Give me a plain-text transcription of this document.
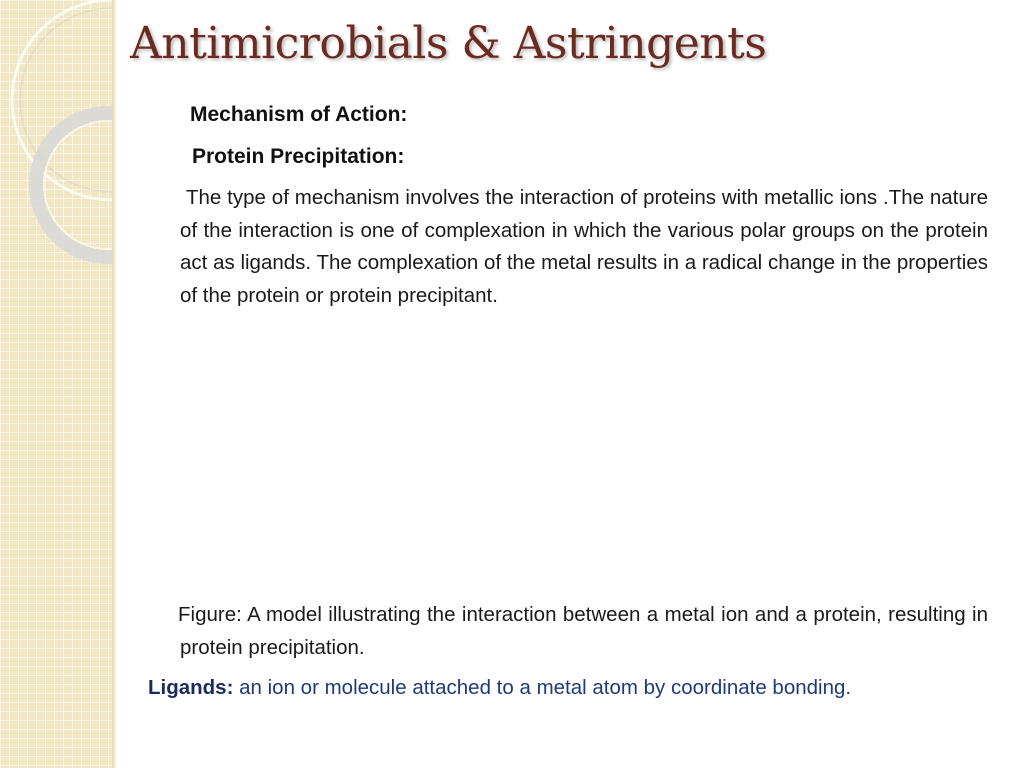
Antimicrobials & Astringents
Mechanism of Action:
Protein Precipitation:

The type of mechanism involves the interaction of proteins with metallic ions .The nature of the interaction is one of complexation in which the various polar groups on the protein act as ligands. The complexation of the metal results in a radical change in the properties of the protein or protein precipitant.

Figure: A model illustrating the interaction between a metal ion and a protein, resulting in protein precipitation.

Ligands: an ion or molecule attached to a metal atom by coordinate bonding.
